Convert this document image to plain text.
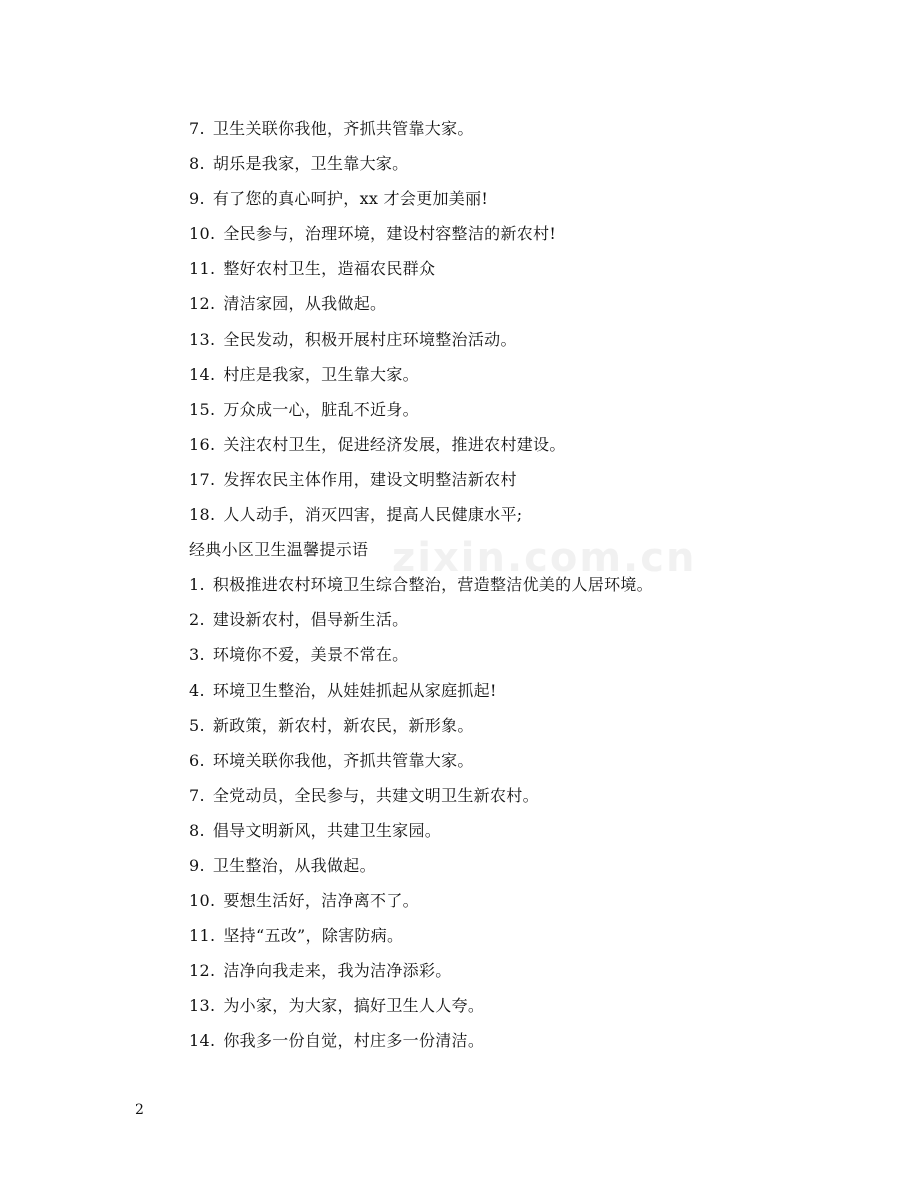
zixin.com.cn
7. 卫生关联你我他，齐抓共管靠大家。
8. 胡乐是我家，卫生靠大家。
9. 有了您的真心呵护，xx 才会更加美丽!
10. 全民参与，治理环境，建设村容整洁的新农村!
11. 整好农村卫生，造福农民群众
12. 清洁家园，从我做起。
13. 全民发动，积极开展村庄环境整治活动。
14. 村庄是我家，卫生靠大家。
15. 万众成一心，脏乱不近身。
16. 关注农村卫生，促进经济发展，推进农村建设。
17. 发挥农民主体作用，建设文明整洁新农村
18. 人人动手，消灭四害，提高人民健康水平;
经典小区卫生温馨提示语
1. 积极推进农村环境卫生综合整治，营造整洁优美的人居环境。
2. 建设新农村，倡导新生活。
3. 环境你不爱，美景不常在。
4. 环境卫生整治，从娃娃抓起从家庭抓起!
5. 新政策，新农村，新农民，新形象。
6. 环境关联你我他，齐抓共管靠大家。
7. 全党动员，全民参与，共建文明卫生新农村。
8. 倡导文明新风，共建卫生家园。
9. 卫生整治，从我做起。
10. 要想生活好，洁净离不了。
11. 坚持“五改”，除害防病。
12. 洁净向我走来，我为洁净添彩。
13. 为小家，为大家，搞好卫生人人夸。
14. 你我多一份自觉，村庄多一份清洁。
2
